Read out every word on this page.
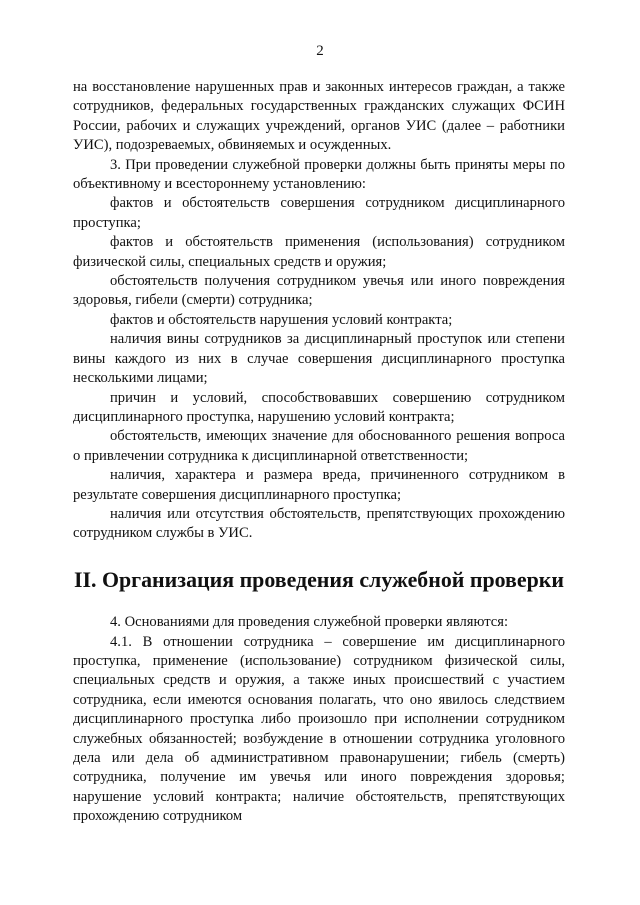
2

на восстановление нарушенных прав и законных интересов граждан, а также сотрудников, федеральных государственных гражданских служащих ФСИН России, рабочих и служащих учреждений, органов УИС (далее – работники УИС), подозреваемых, обвиняемых и осужденных.

3. При проведении служебной проверки должны быть приняты меры по объективному и всестороннему установлению:

фактов и обстоятельств совершения сотрудником дисциплинарного проступка;

фактов и обстоятельств применения (использования) сотрудником физической силы, специальных средств и оружия;

обстоятельств получения сотрудником увечья или иного повреждения здоровья, гибели (смерти) сотрудника;

фактов и обстоятельств нарушения условий контракта;

наличия вины сотрудников за дисциплинарный проступок или степени вины каждого из них в случае совершения дисциплинарного проступка несколькими лицами;

причин и условий, способствовавших совершению сотрудником дисциплинарного проступка, нарушению условий контракта;

обстоятельств, имеющих значение для обоснованного решения вопроса о привлечении сотрудника к дисциплинарной ответственности;

наличия, характера и размера вреда, причиненного сотрудником в результате совершения дисциплинарного проступка;

наличия или отсутствия обстоятельств, препятствующих прохождению сотрудником службы в УИС.

II. Организация проведения служебной проверки

4. Основаниями для проведения служебной проверки являются:

4.1. В отношении сотрудника – совершение им дисциплинарного проступка, применение (использование) сотрудником физической силы, специальных средств и оружия, а также иных происшествий с участием сотрудника, если имеются основания полагать, что оно явилось следствием дисциплинарного проступка либо произошло при исполнении сотрудником служебных обязанностей; возбуждение в отношении сотрудника уголовного дела или дела об административном правонарушении; гибель (смерть) сотрудника, получение им увечья или иного повреждения здоровья; нарушение условий контракта; наличие обстоятельств, препятствующих прохождению сотрудником
